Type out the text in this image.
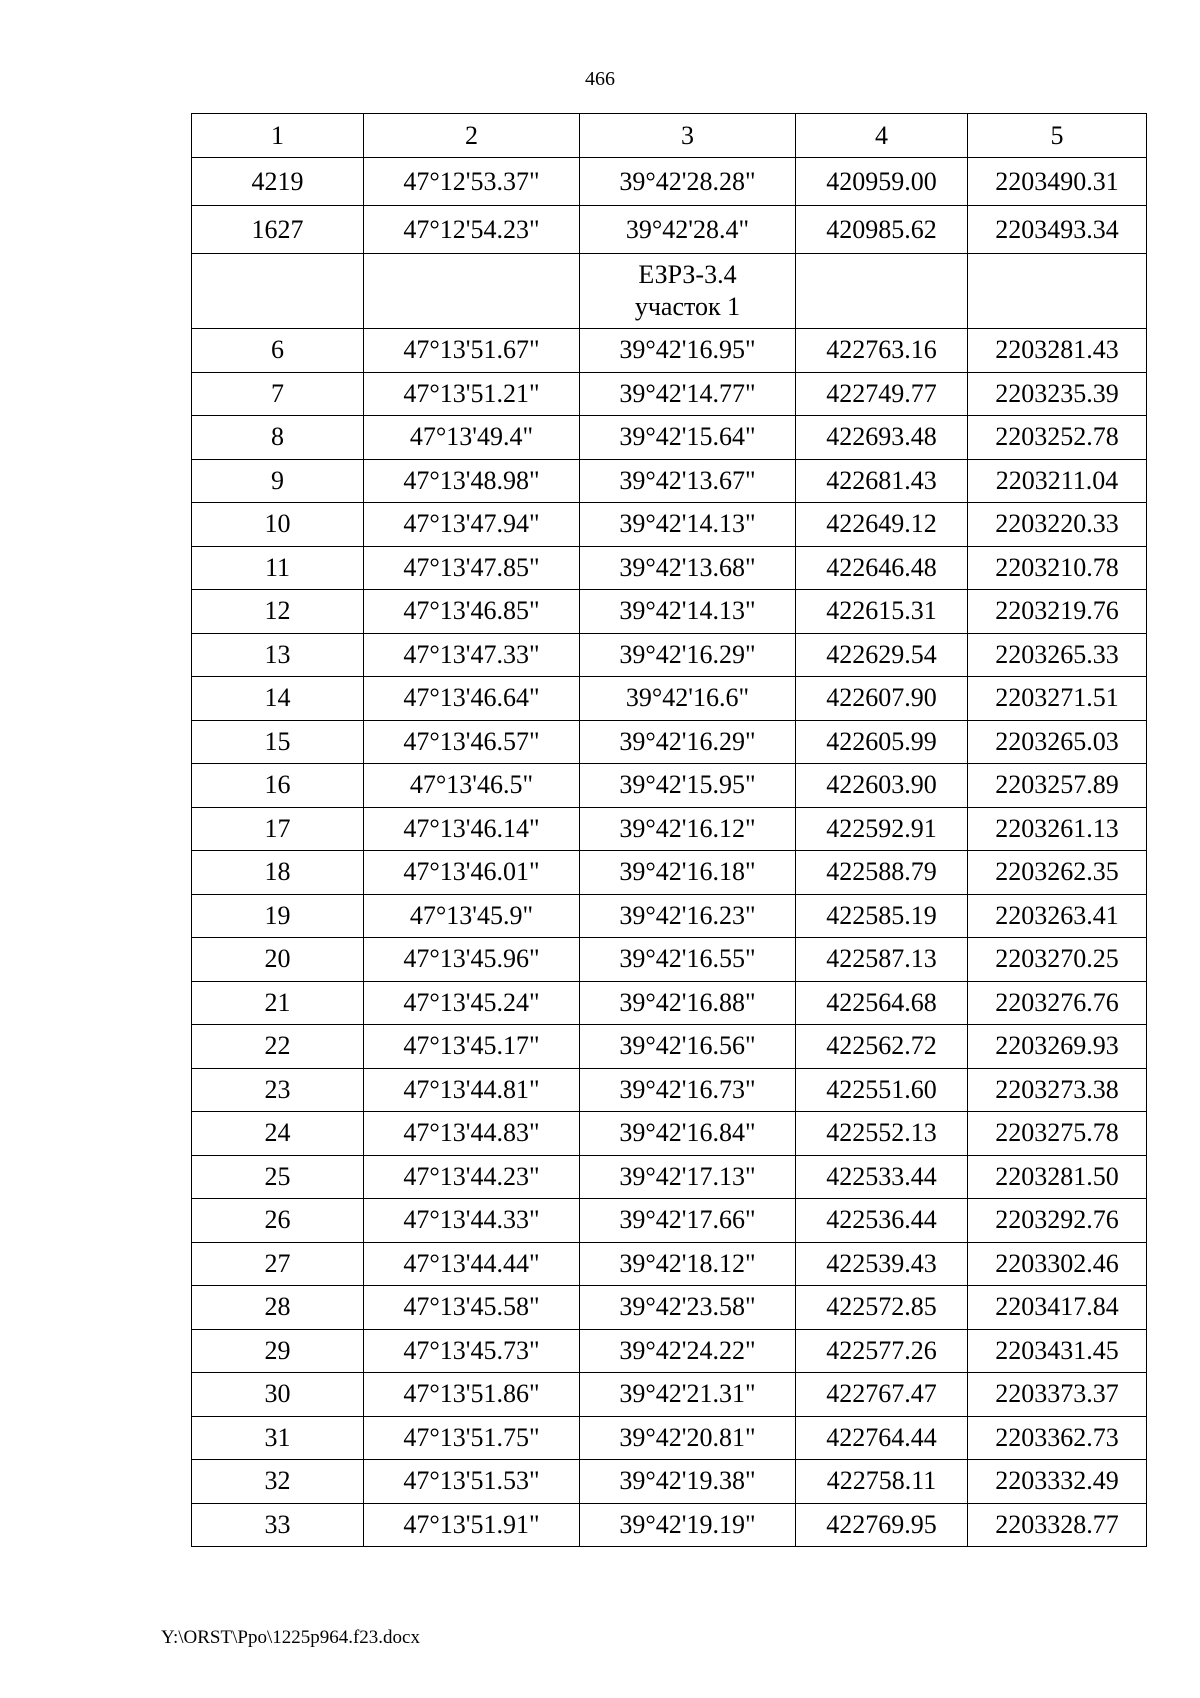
466
1	2	3	4	5
4219	47°12'53.37"	39°42'28.28"	420959.00	2203490.31
1627	47°12'54.23"	39°42'28.4"	420985.62	2203493.34

		ЕЗРЗ-3.4
участок 1		

6	47°13'51.67"	39°42'16.95"	422763.16	2203281.43
7	47°13'51.21"	39°42'14.77"	422749.77	2203235.39
8	47°13'49.4"	39°42'15.64"	422693.48	2203252.78
9	47°13'48.98"	39°42'13.67"	422681.43	2203211.04
10	47°13'47.94"	39°42'14.13"	422649.12	2203220.33
11	47°13'47.85"	39°42'13.68"	422646.48	2203210.78
12	47°13'46.85"	39°42'14.13"	422615.31	2203219.76
13	47°13'47.33"	39°42'16.29"	422629.54	2203265.33
14	47°13'46.64"	39°42'16.6"	422607.90	2203271.51
15	47°13'46.57"	39°42'16.29"	422605.99	2203265.03
16	47°13'46.5"	39°42'15.95"	422603.90	2203257.89
17	47°13'46.14"	39°42'16.12"	422592.91	2203261.13
18	47°13'46.01"	39°42'16.18"	422588.79	2203262.35
19	47°13'45.9"	39°42'16.23"	422585.19	2203263.41
20	47°13'45.96"	39°42'16.55"	422587.13	2203270.25
21	47°13'45.24"	39°42'16.88"	422564.68	2203276.76
22	47°13'45.17"	39°42'16.56"	422562.72	2203269.93
23	47°13'44.81"	39°42'16.73"	422551.60	2203273.38
24	47°13'44.83"	39°42'16.84"	422552.13	2203275.78
25	47°13'44.23"	39°42'17.13"	422533.44	2203281.50
26	47°13'44.33"	39°42'17.66"	422536.44	2203292.76
27	47°13'44.44"	39°42'18.12"	422539.43	2203302.46
28	47°13'45.58"	39°42'23.58"	422572.85	2203417.84
29	47°13'45.73"	39°42'24.22"	422577.26	2203431.45
30	47°13'51.86"	39°42'21.31"	422767.47	2203373.37
31	47°13'51.75"	39°42'20.81"	422764.44	2203362.73
32	47°13'51.53"	39°42'19.38"	422758.11	2203332.49
33	47°13'51.91"	39°42'19.19"	422769.95	2203328.77
Y:\ORST\Ppo\1225p964.f23.docx
